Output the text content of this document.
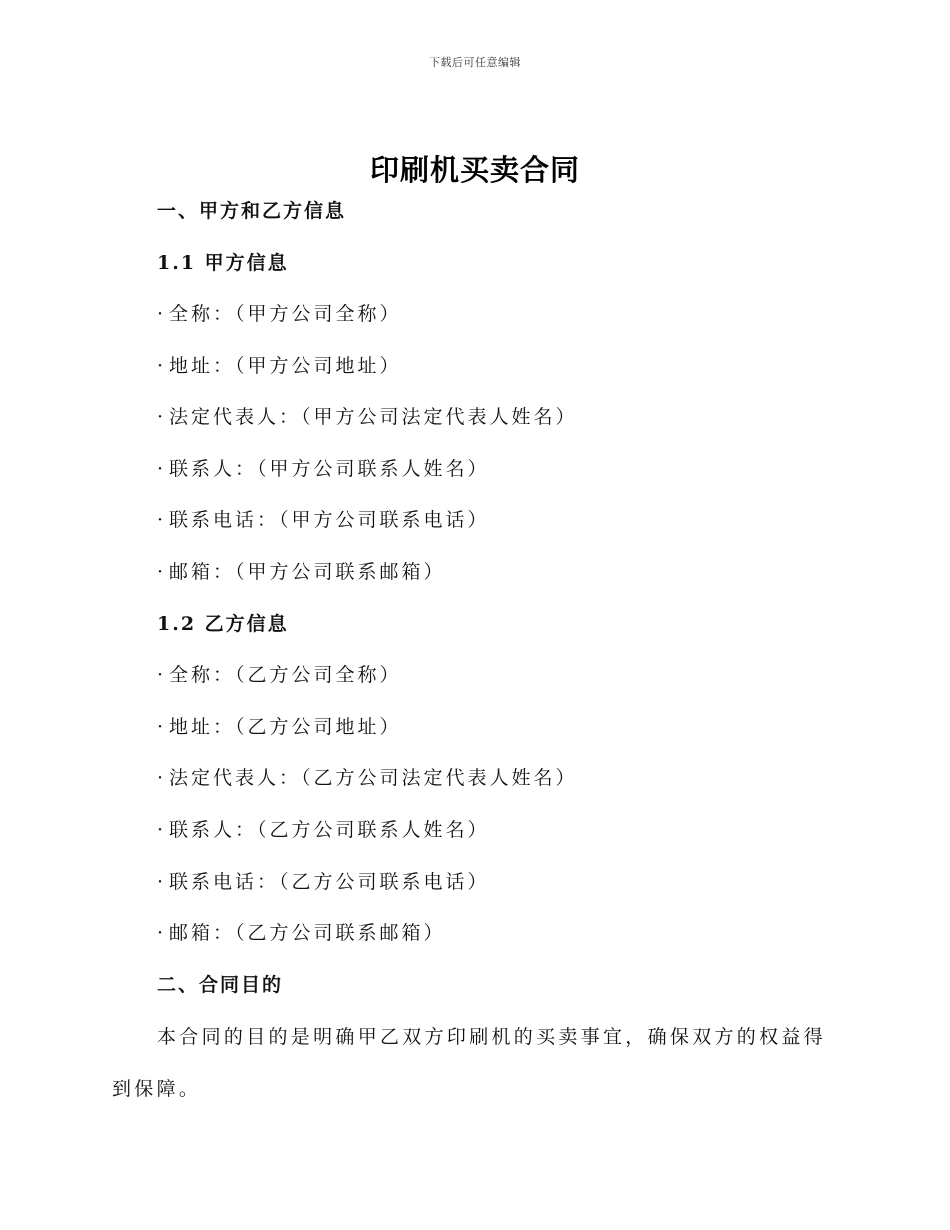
下载后可任意编辑
印刷机买卖合同
一、甲方和乙方信息
1.1 甲方信息
· 全称：（甲方公司全称）
· 地址：（甲方公司地址）
· 法定代表人：（甲方公司法定代表人姓名）
· 联系人：（甲方公司联系人姓名）
· 联系电话：（甲方公司联系电话）
· 邮箱：（甲方公司联系邮箱）
1.2 乙方信息
· 全称：（乙方公司全称）
· 地址：（乙方公司地址）
· 法定代表人：（乙方公司法定代表人姓名）
· 联系人：（乙方公司联系人姓名）
· 联系电话：（乙方公司联系电话）
· 邮箱：（乙方公司联系邮箱）
二、合同目的

本合同的目的是明确甲乙双方印刷机的买卖事宜，确保双方的权益得到保障。
